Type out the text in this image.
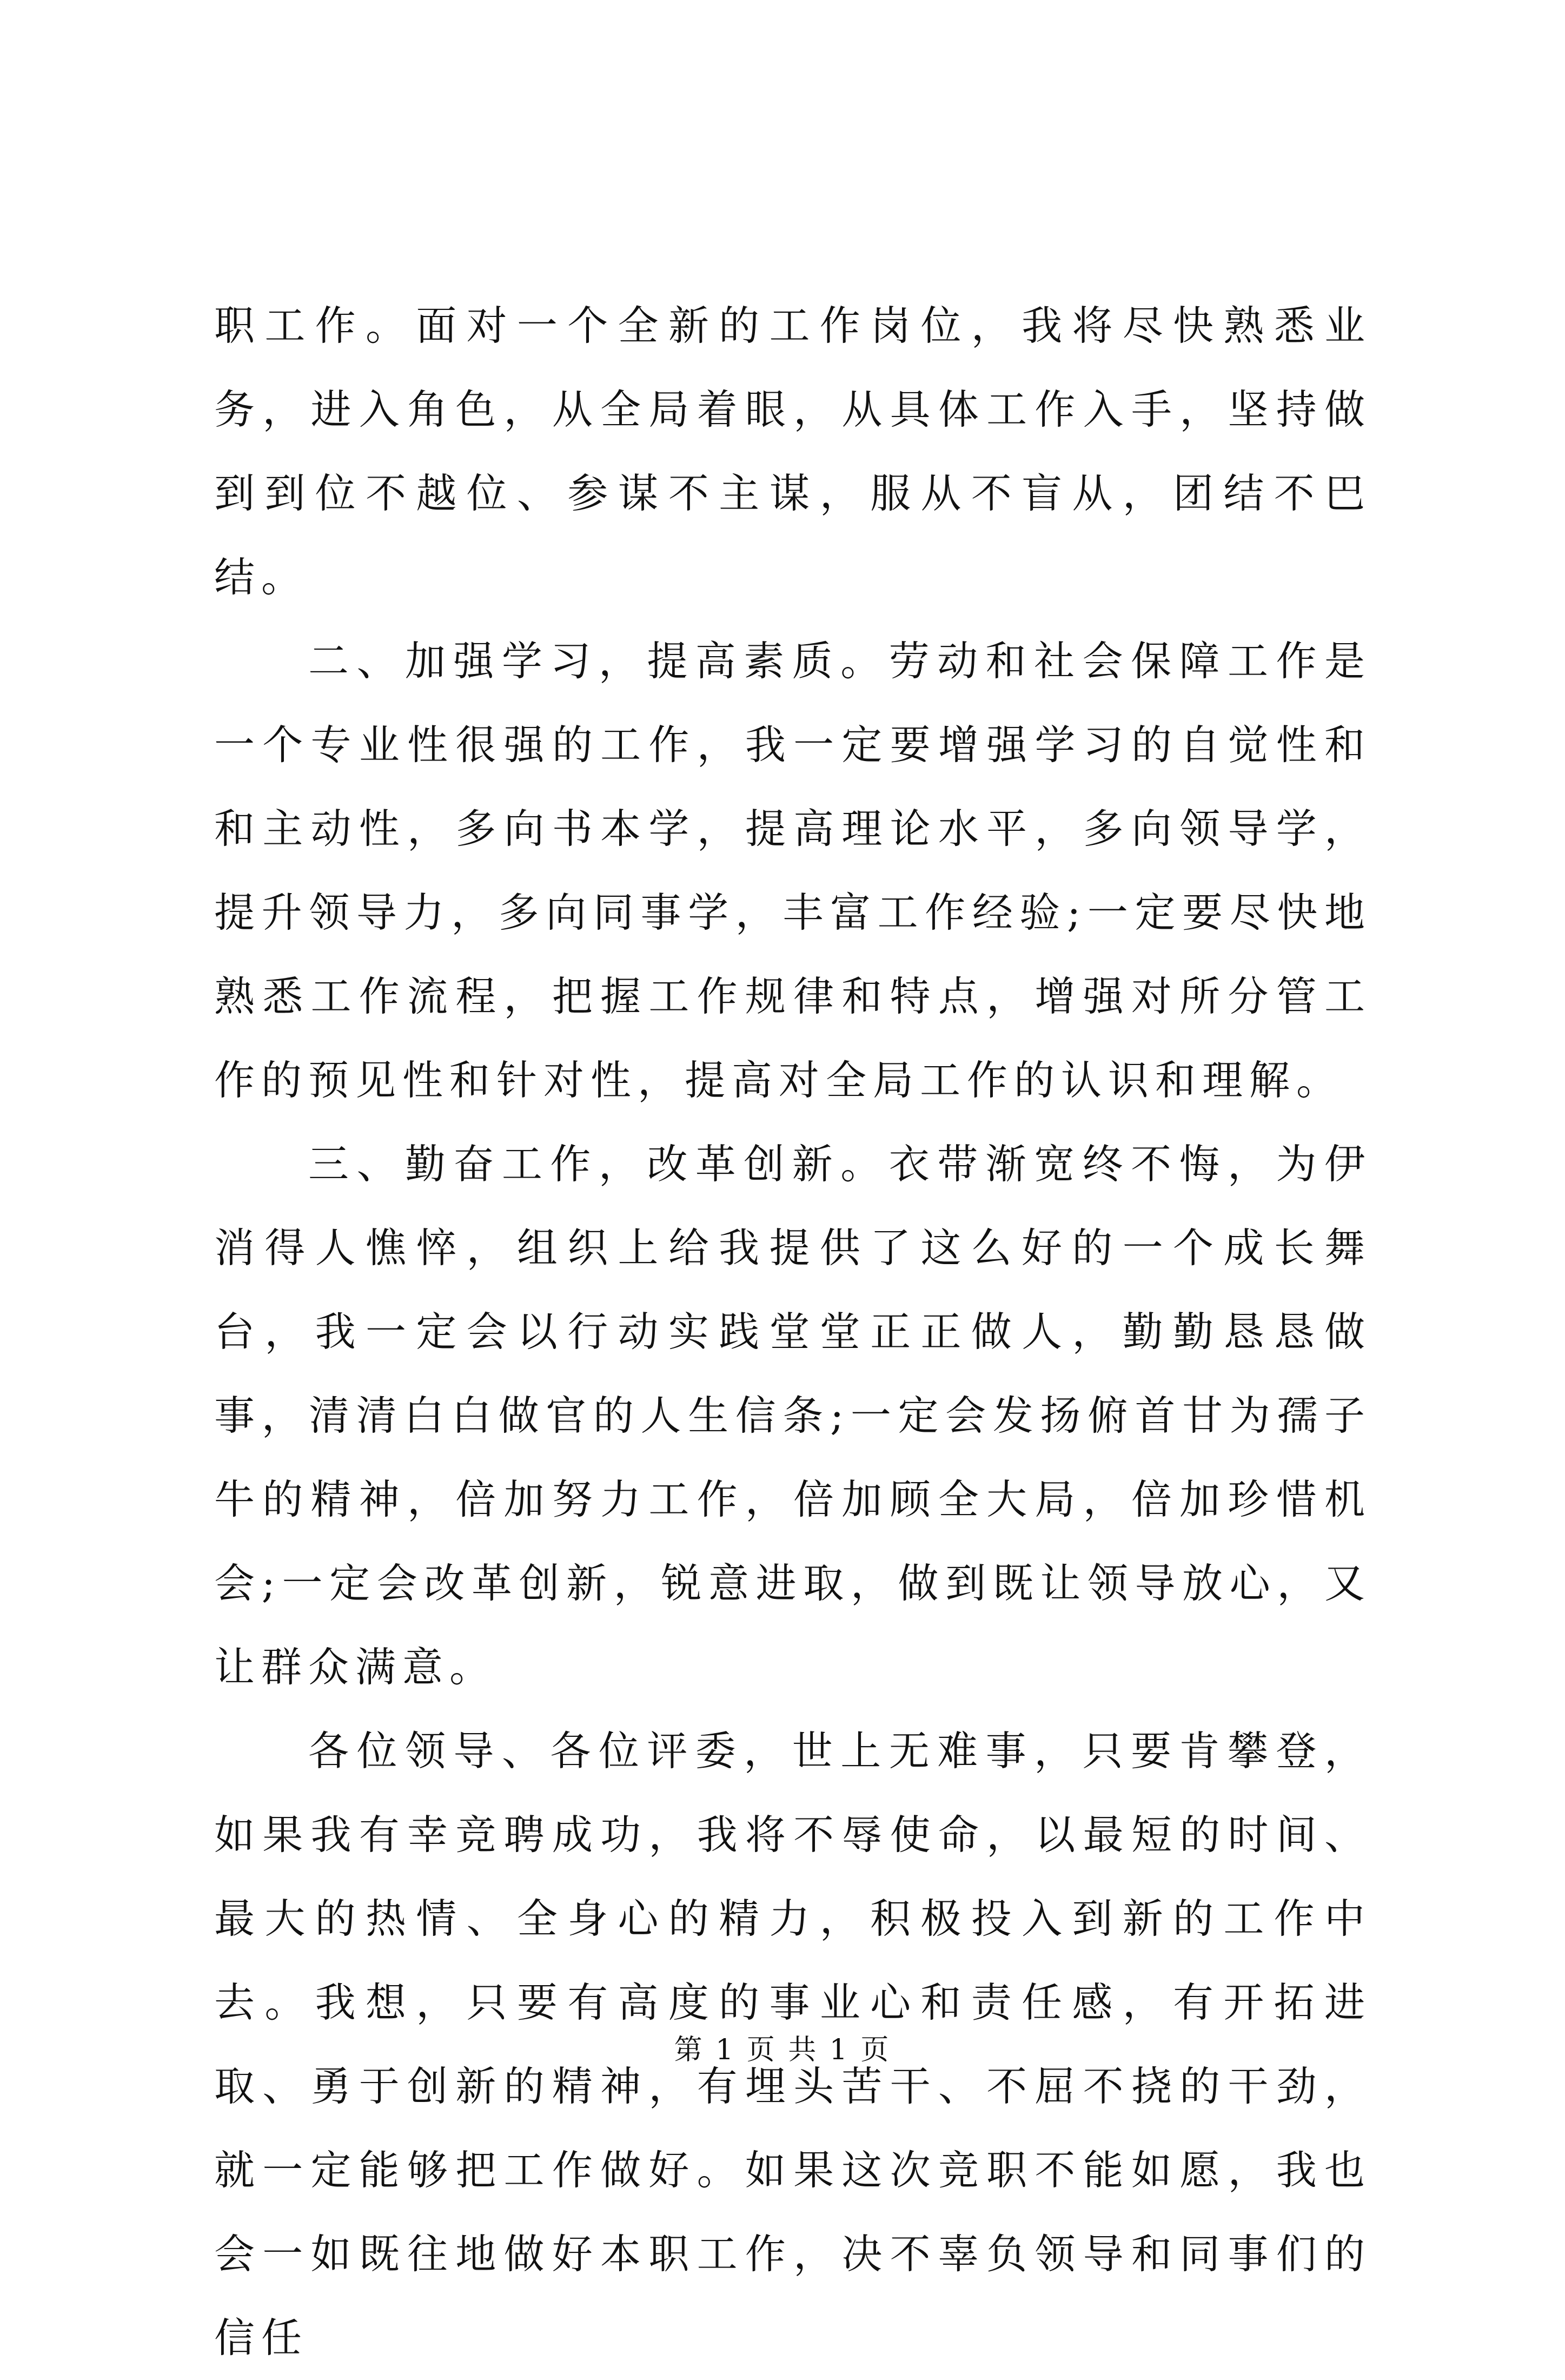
职工作。面对一个全新的工作岗位，我将尽快熟悉业务，进入角色，从全局着眼，从具体工作入手，坚持做到到位不越位、参谋不主谋，服从不盲从，团结不巴结。

二、加强学习，提高素质。劳动和社会保障工作是一个专业性很强的工作，我一定要增强学习的自觉性和和主动性，多向书本学，提高理论水平，多向领导学，提升领导力，多向同事学，丰富工作经验;一定要尽快地熟悉工作流程，把握工作规律和特点，增强对所分管工作的预见性和针对性，提高对全局工作的认识和理解。

三、勤奋工作，改革创新。衣带渐宽终不悔，为伊消得人憔悴，组织上给我提供了这么好的一个成长舞台，我一定会以行动实践堂堂正正做人，勤勤恳恳做事，清清白白做官的人生信条;一定会发扬俯首甘为孺子牛的精神，倍加努力工作，倍加顾全大局，倍加珍惜机会;一定会改革创新，锐意进取，做到既让领导放心，又让群众满意。

各位领导、各位评委，世上无难事，只要肯攀登，如果我有幸竞聘成功，我将不辱使命，以最短的时间、最大的热情、全身心的精力，积极投入到新的工作中去。我想，只要有高度的事业心和责任感，有开拓进取、勇于创新的精神，有埋头苦干、不屈不挠的干劲，就一定能够把工作做好。如果这次竞职不能如愿，我也会一如既往地做好本职工作，决不辜负领导和同事们的信任

第 1 页 共 1 页
